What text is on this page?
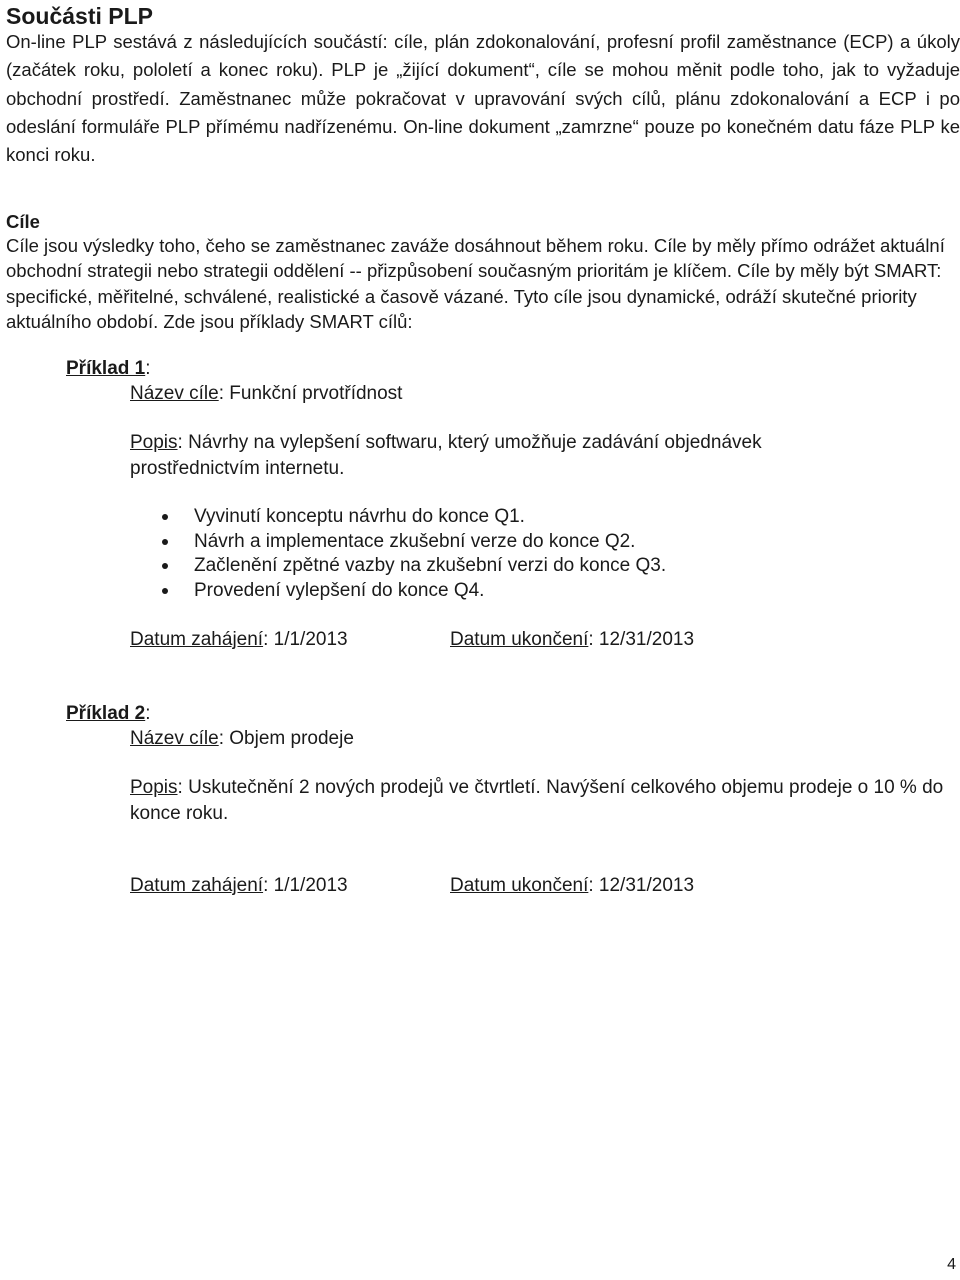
Součásti PLP
On-line PLP sestává z následujících součástí: cíle, plán zdokonalování, profesní profil zaměstnance (ECP) a úkoly (začátek roku, pololetí a konec roku). PLP je „žijící dokument“, cíle se mohou měnit podle toho, jak to vyžaduje obchodní prostředí. Zaměstnanec může pokračovat v upravování svých cílů, plánu zdokonalování a ECP i po odeslání formuláře PLP přímému nadřízenému. On-line dokument „zamrzne“ pouze po konečném datu fáze PLP ke konci roku.
Cíle
Cíle jsou výsledky toho, čeho se zaměstnanec zaváže dosáhnout během roku. Cíle by měly přímo odrážet aktuální obchodní strategii nebo strategii oddělení -- přizpůsobení současným prioritám je klíčem. Cíle by měly být SMART: specifické, měřitelné, schválené, realistické a časově vázané. Tyto cíle jsou dynamické, odráží skutečné priority aktuálního období. Zde jsou příklady SMART cílů:
Příklad 1:
Název cíle: Funkční prvotřídnost
Popis: Návrhy na vylepšení softwaru, který umožňuje zadávání objednávek prostřednictvím internetu.
Vyvinutí konceptu návrhu do konce Q1.
Návrh a implementace zkušební verze do konce Q2.
Začlenění zpětné vazby na zkušební verzi do konce Q3.
Provedení vylepšení do konce Q4.
Datum zahájení: 1/1/2013	Datum ukončení: 12/31/2013
Příklad 2:
Název cíle: Objem prodeje
Popis: Uskutečnění 2 nových prodejů ve čtvrtletí. Navýšení celkového objemu prodeje o 10 % do konce roku.
Datum zahájení: 1/1/2013	Datum ukončení: 12/31/2013
4
